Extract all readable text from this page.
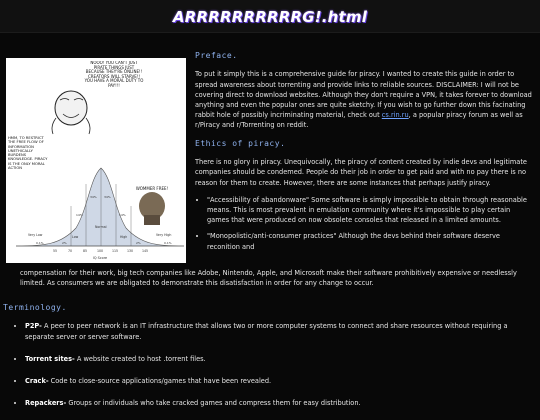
ARRRRRRRRRRG!.html
NOOO! YOU CAN'T JUST PIRATE THINGS JUST BECAUSE THEY'RE ONLINE!! CREATORS WILL STARVE!! YOU HAVE A MORAL DUTY TO PAY!!!
HMM, TO RESTRICT THE FREE FLOW OF INFORMATION UNETHICALLY BURDENS KNOWLEDGE. PIRACY IS THE ONLY MORAL ACTION
WOMMER FREE!
Very Low	Low
Normal
High	Very High
0.1%	2%
14%
34% 34%
14%
2%	0.1%
55	70	85	100	115	130	145
IQ Score
Preface.

To put it simply this is a comprehensive guide for piracy. I wanted to create this guide in order to spread awareness about torrenting and provide links to reliable sources. DISCLAIMER: I will not be covering direct to download websites. Although they don't require a VPN, it takes forever to download anything and even the popular ones are quite sketchy. If you wish to go further down this facinating rabbit hole of possibly incriminating material, check out cs.rin.ru, a popular piracy forum as well as r/Piracy and r/Torrenting on reddit.

Ethics of piracy.

There is no glory in piracy. Unequivocally, the piracy of content created by indie devs and legitimate companies should be condemed. People do their job in order to get paid and with no pay there is no reason for them to create. However, there are some instances that perhaps justify piracy.

• "Accessibility of abandonware" Some software is simply impossible to obtain through reasonable means. This is most prevalent in emulation community where it's impossible to play certain games that were produced on now obsolete consoles that released in a limited amounts.
• "Monopolistic/anti-consumer practices" Although the devs behind their software deserve reconition and

compensation for their work, big tech companies like Adobe, Nintendo, Apple, and Microsoft make their software prohibitively expensive or needlessly limited. As consumers we are obligated to demonstrate this disatisfaction in order for any change to occur.

Terminology.
• P2P- A peer to peer network is an IT infrastructure that allows two or more computer systems to connect and share resources without requiring a separate server or server software.
• Torrent sites- A website created to host .torrent files.
• Crack- Code to close-source applications/games that have been revealed.
• Repackers- Groups or individuals who take cracked games and compress them for easy distribution.
